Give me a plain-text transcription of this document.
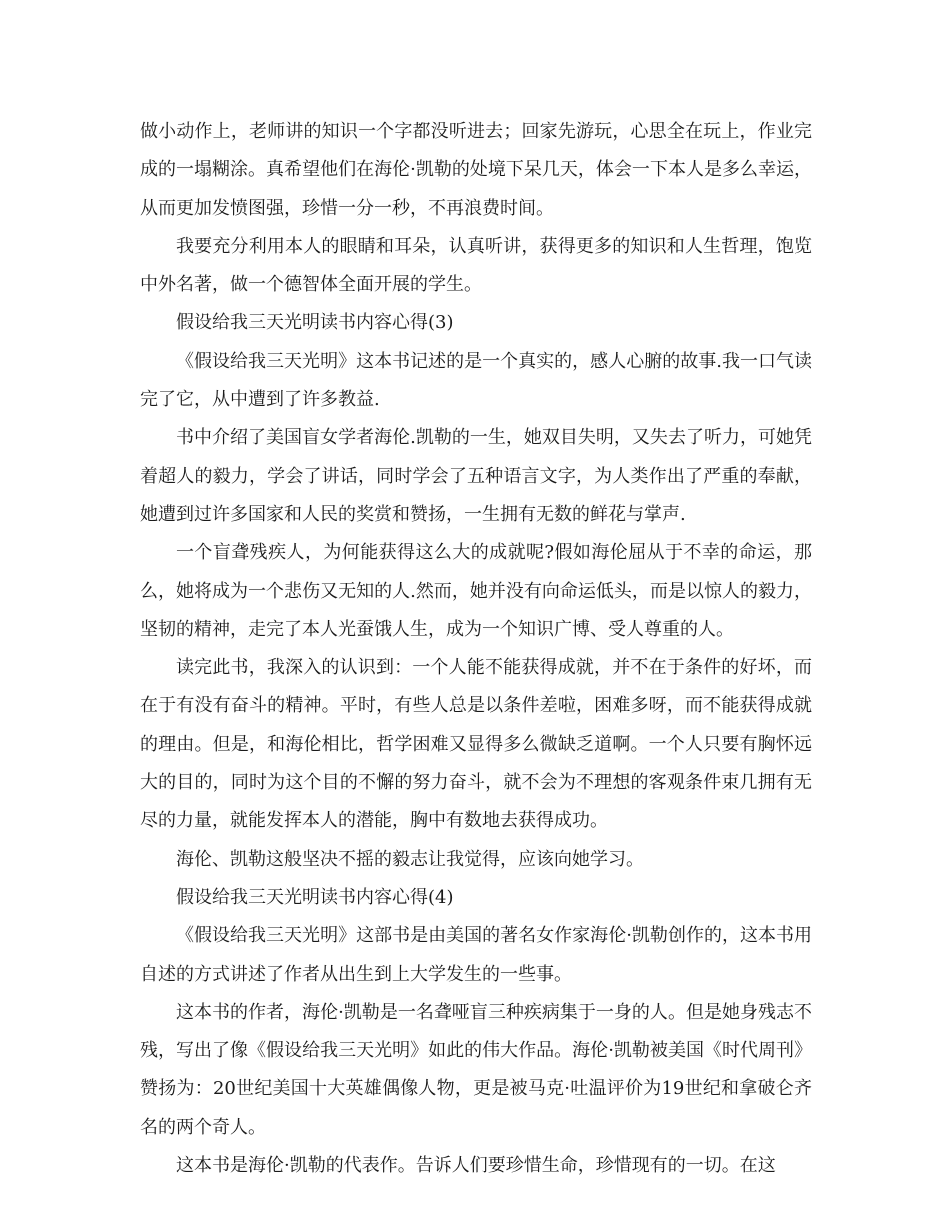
做小动作上，老师讲的知识一个字都没听进去；回家先游玩，心思全在玩上，作业完成的一塌糊涂。真希望他们在海伦·凯勒的处境下呆几天，体会一下本人是多么幸运，从而更加发愤图强，珍惜一分一秒，不再浪费时间。

我要充分利用本人的眼睛和耳朵，认真听讲，获得更多的知识和人生哲理，饱览中外名著，做一个德智体全面开展的学生。

假设给我三天光明读书内容心得(3)

《假设给我三天光明》这本书记述的是一个真实的，感人心腑的故事.我一口气读完了它，从中遭到了许多教益.

书中介绍了美国盲女学者海伦.凯勒的一生，她双目失明，又失去了听力，可她凭着超人的毅力，学会了讲话，同时学会了五种语言文字，为人类作出了严重的奉献，她遭到过许多国家和人民的奖赏和赞扬，一生拥有无数的鲜花与掌声.

一个盲聋残疾人，为何能获得这么大的成就呢?假如海伦屈从于不幸的命运，那么，她将成为一个悲伤又无知的人.然而，她并没有向命运低头，而是以惊人的毅力，坚韧的精神，走完了本人光蚕饿人生，成为一个知识广博、受人尊重的人。

读完此书，我深入的认识到：一个人能不能获得成就，并不在于条件的好坏，而在于有没有奋斗的精神。平时，有些人总是以条件差啦，困难多呀，而不能获得成就的理由。但是，和海伦相比，哲学困难又显得多么微缺乏道啊。一个人只要有胸怀远大的目的，同时为这个目的不懈的努力奋斗，就不会为不理想的客观条件束几拥有无尽的力量，就能发挥本人的潜能，胸中有数地去获得成功。

海伦、凯勒这般坚决不摇的毅志让我觉得，应该向她学习。

假设给我三天光明读书内容心得(4)

《假设给我三天光明》这部书是由美国的著名女作家海伦·凯勒创作的，这本书用自述的方式讲述了作者从出生到上大学发生的一些事。

这本书的作者，海伦·凯勒是一名聋哑盲三种疾病集于一身的人。但是她身残志不残，写出了像《假设给我三天光明》如此的伟大作品。海伦·凯勒被美国《时代周刊》赞扬为：20世纪美国十大英雄偶像人物，更是被马克·吐温评价为19世纪和拿破仑齐名的两个奇人。

这本书是海伦·凯勒的代表作。告诉人们要珍惜生命，珍惜现有的一切。在这
